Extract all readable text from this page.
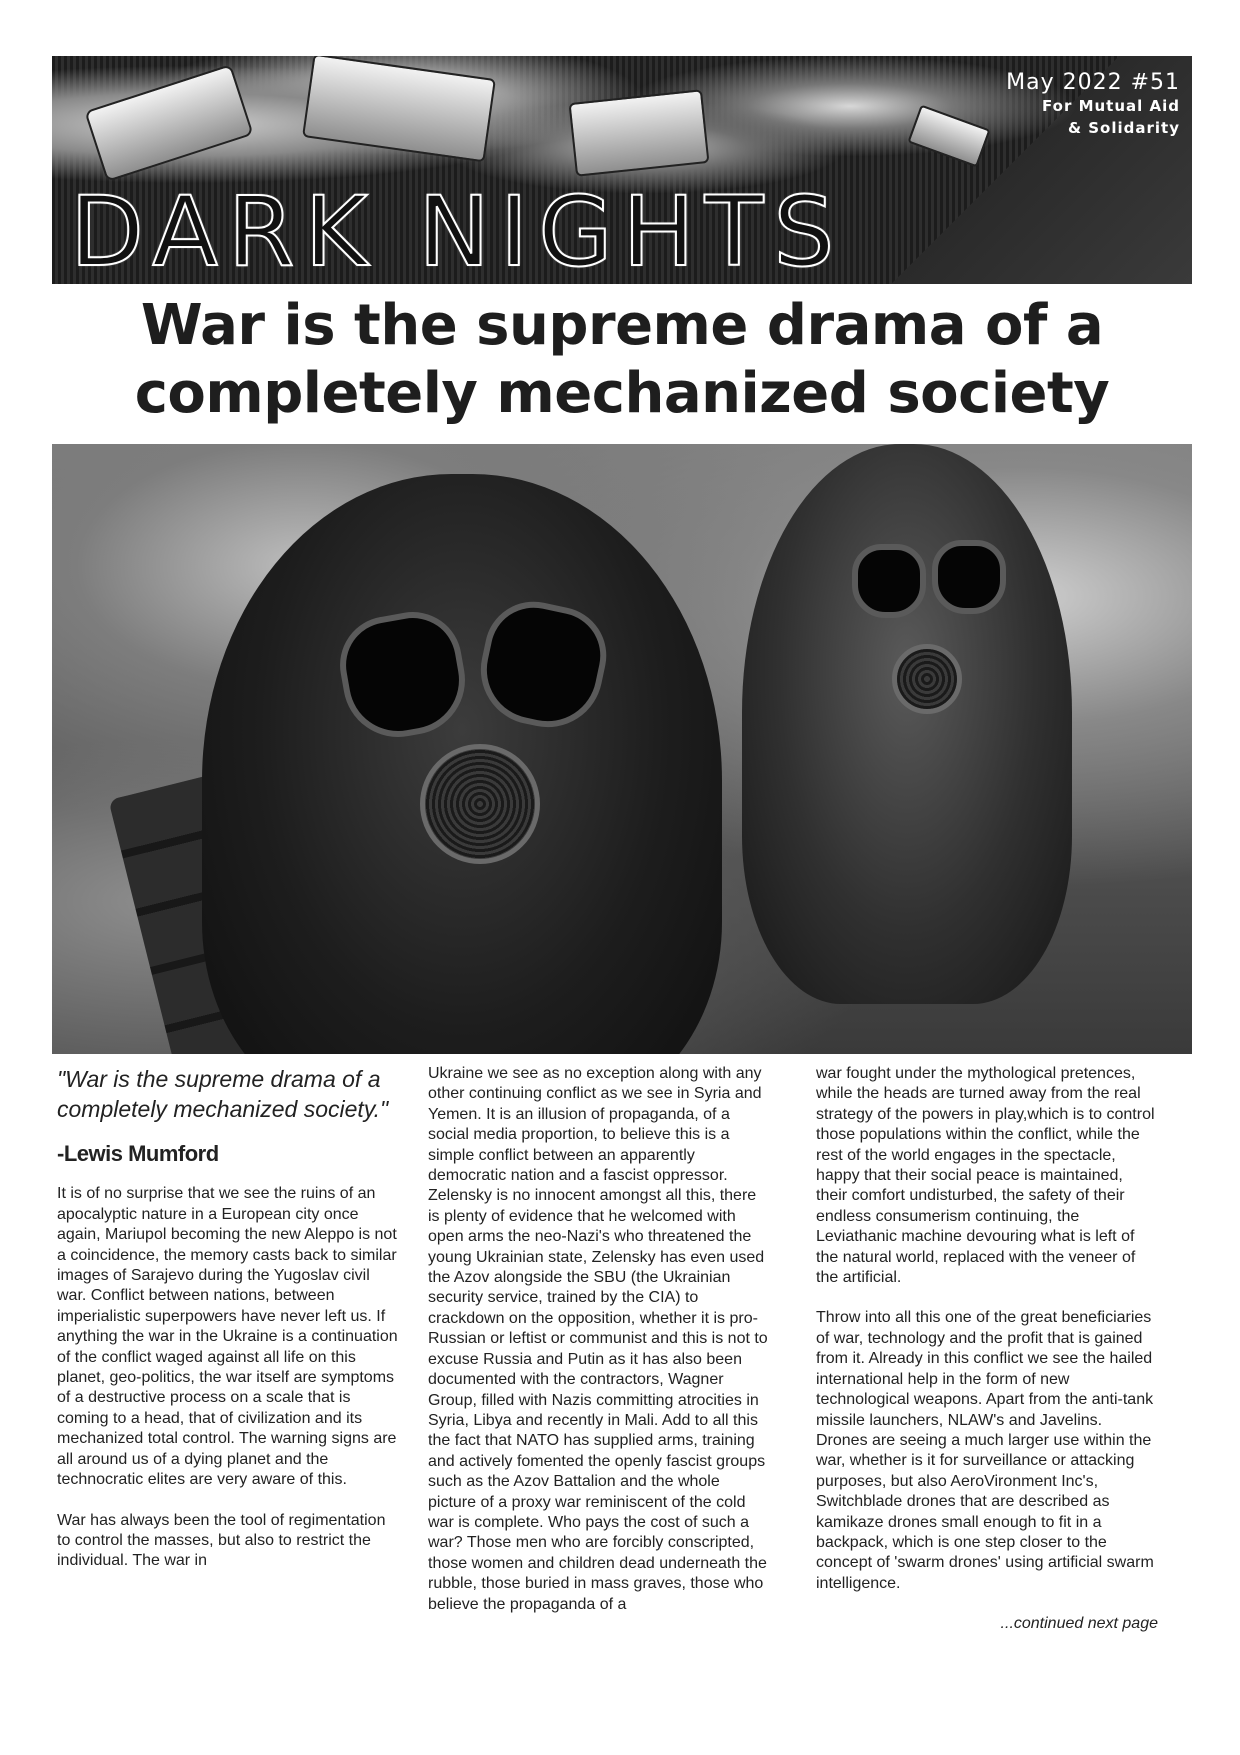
DARK NIGHTS
May 2022 #51
For Mutual Aid
& Solidarity
War is the supreme drama of a
completely mechanized society

"War is the supreme drama of a completely mechanized society."

-Lewis Mumford

It is of no surprise that we see the ruins of an apocalyptic nature in a European city once again, Mariupol becoming the new Aleppo is not a coincidence, the memory casts back to similar images of Sarajevo during the Yugoslav civil war. Conflict between nations, between imperialistic superpowers have never left us. If anything the war in the Ukraine is a continuation of the conflict waged against all life on this planet, geo-politics, the war itself are symptoms of a destructive process on a scale that is coming to a head, that of civilization and its mechanized total control. The warning signs are all around us of a dying planet and the technocratic elites are very aware of this.

War has always been the tool of regimentation to control the masses, but also to restrict the individual. The war in

Ukraine we see as no exception along with any other continuing conflict as we see in Syria and Yemen. It is an illusion of propaganda, of a social media proportion, to believe this is a simple conflict between an apparently democratic nation and a fascist oppressor. Zelensky is no innocent amongst all this, there is plenty of evidence that he welcomed with open arms the neo-Nazi's who threatened the young Ukrainian state, Zelensky has even used the Azov alongside the SBU (the Ukrainian security service, trained by the CIA) to crackdown on the opposition, whether it is pro-Russian or leftist or communist and this is not to excuse Russia and Putin as it has also been documented with the contractors, Wagner Group, filled with Nazis committing atrocities in Syria, Libya and recently in Mali. Add to all this the fact that NATO has supplied arms, training and actively fomented the openly fascist groups such as the Azov Battalion and the whole picture of a proxy war reminiscent of the cold war is complete. Who pays the cost of such a war? Those men who are forcibly conscripted, those women and children dead underneath the rubble, those buried in mass graves, those who believe the propaganda of a

war fought under the mythological pretences, while the heads are turned away from the real strategy of the powers in play,which is to control those populations within the conflict, while the rest of the world engages in the spectacle, happy that their social peace is maintained, their comfort undisturbed, the safety of their endless consumerism continuing, the Leviathanic machine devouring what is left of the natural world, replaced with the veneer of the artificial.

Throw into all this one of the great beneficiaries of war, technology and the profit that is gained from it. Already in this conflict we see the hailed international help in the form of new technological weapons. Apart from the anti-tank missile launchers, NLAW's and Javelins. Drones are seeing a much larger use within the war, whether is it for surveillance or attacking purposes, but also AeroVironment Inc's, Switchblade drones that are described as kamikaze drones small enough to fit in a backpack, which is one step closer to the concept of 'swarm drones' using artificial swarm intelligence.

...continued next page
